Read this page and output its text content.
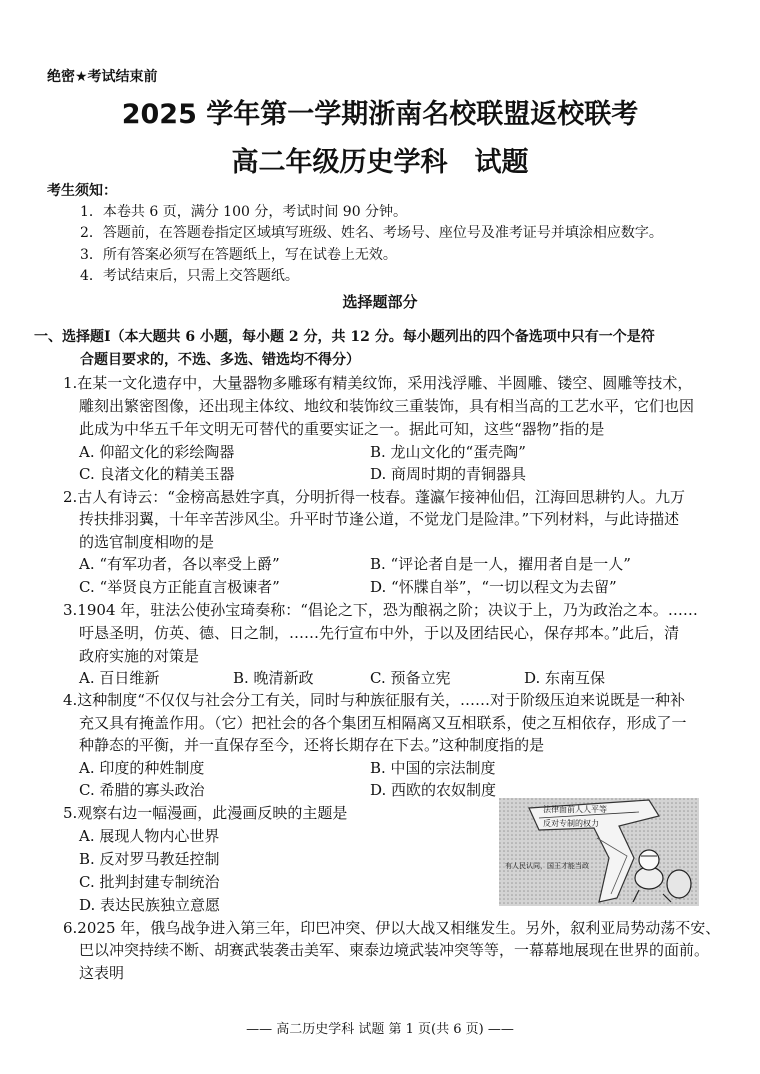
绝密★考试结束前
2025 学年第一学期浙南名校联盟返校联考
高二年级历史学科　试题
考生须知：
1．本卷共 6 页，满分 100 分，考试时间 90 分钟。
2．答题前，在答题卷指定区域填写班级、姓名、考场号、座位号及准考证号并填涂相应数字。
3．所有答案必须写在答题纸上，写在试卷上无效。
4．考试结束后，只需上交答题纸。
选择题部分
一、选择题Ⅰ（本大题共 6 小题，每小题 2 分，共 12 分。每小题列出的四个备选项中只有一个是符
合题目要求的，不选、多选、错选均不得分）
1.在某一文化遗存中，大量器物多雕琢有精美纹饰，采用浅浮雕、半圆雕、镂空、圆雕等技术，
雕刻出繁密图像，还出现主体纹、地纹和装饰纹三重装饰，具有相当高的工艺水平，它们也因
此成为中华五千年文明无可替代的重要实证之一。据此可知，这些“器物”指的是
A. 仰韶文化的彩绘陶器	B. 龙山文化的“蛋壳陶”
C. 良渚文化的精美玉器	D. 商周时期的青铜器具
2.古人有诗云：“金榜高悬姓字真，分明折得一枝春。蓬瀛乍接神仙侣，江海回思耕钓人。九万
抟扶排羽翼，十年辛苦涉风尘。升平时节逢公道，不觉龙门是险津。”下列材料，与此诗描述
的选官制度相吻的是
A. “有军功者，各以率受上爵”	B. “评论者自是一人，擢用者自是一人”
C. “举贤良方正能直言极谏者”	D. “怀牒自举”，“一切以程文为去留”
3.1904 年，驻法公使孙宝琦奏称：“倡论之下，恐为酿祸之阶；决议于上，乃为政治之本。……
吁恳圣明，仿英、德、日之制，……先行宣布中外，于以及团结民心，保存邦本。”此后，清
政府实施的对策是
A. 百日维新	B. 晚清新政	C. 预备立宪	D. 东南互保
4.这种制度“不仅仅与社会分工有关，同时与种族征服有关，……对于阶级压迫来说既是一种补
充又具有掩盖作用。（它）把社会的各个集团互相隔离又互相联系，使之互相依存，形成了一
种静态的平衡，并一直保存至今，还将长期存在下去。”这种制度指的是
A. 印度的种姓制度	B. 中国的宗法制度
C. 希腊的寡头政治	D. 西欧的农奴制度
5.观察右边一幅漫画，此漫画反映的主题是
A. 展现人物内心世界
B. 反对罗马教廷控制
C. 批判封建专制统治
D. 表达民族独立意愿
法律面前人人平等
反对专制的权力
有人民认同，国王才能当政
6.2025 年，俄乌战争进入第三年，印巴冲突、伊以大战又相继发生。另外，叙利亚局势动荡不安、
巴以冲突持续不断、胡赛武装袭击美军、柬泰边境武装冲突等等，一幕幕地展现在世界的面前。
这表明
—— 高二历史学科 试题 第 1 页(共 6 页) ——
